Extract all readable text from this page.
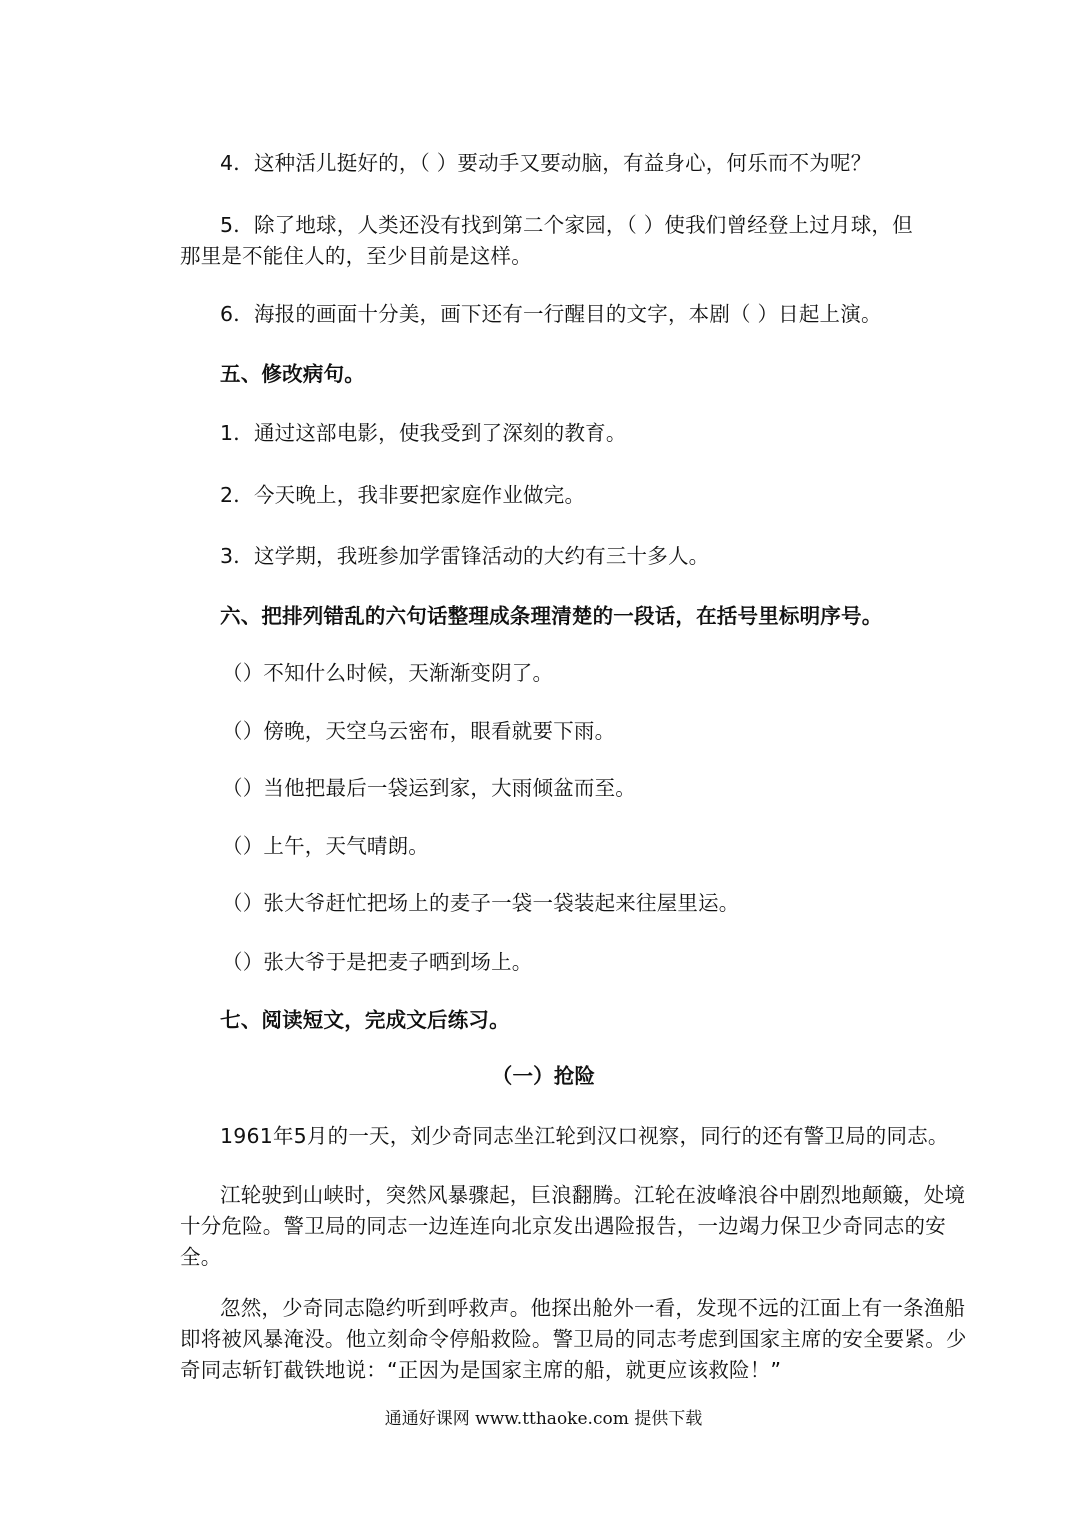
4．这种活儿挺好的，（ ）要动手又要动脑，有益身心，何乐而不为呢？
5．除了地球，人类还没有找到第二个家园，（ ）使我们曾经登上过月球，但
那里是不能住人的，至少目前是这样。
6．海报的画面十分美，画下还有一行醒目的文字，本剧（ ）日起上演。
五、修改病句。
1．通过这部电影，使我受到了深刻的教育。
2．今天晚上，我非要把家庭作业做完。
3．这学期，我班参加学雷锋活动的大约有三十多人。
六、把排列错乱的六句话整理成条理清楚的一段话，在括号里标明序号。
（）不知什么时候，天渐渐变阴了。
（）傍晚，天空乌云密布，眼看就要下雨。
（）当他把最后一袋运到家，大雨倾盆而至。
（）上午，天气晴朗。
（）张大爷赶忙把场上的麦子一袋一袋装起来往屋里运。
（）张大爷于是把麦子晒到场上。
七、阅读短文，完成文后练习。
（一）抢险
1961年5月的一天，刘少奇同志坐江轮到汉口视察，同行的还有警卫局的同志。
江轮驶到山峡时，突然风暴骤起，巨浪翻腾。江轮在波峰浪谷中剧烈地颠簸，处境十分危险。警卫局的同志一边连连向北京发出遇险报告，一边竭力保卫少奇同志的安全。
忽然，少奇同志隐约听到呼救声。他探出舱外一看，发现不远的江面上有一条渔船即将被风暴淹没。他立刻命令停船救险。警卫局的同志考虑到国家主席的安全要紧。少奇同志斩钉截铁地说：“正因为是国家主席的船，就更应该救险！”
通通好课网 www.tthaoke.com 提供下载
